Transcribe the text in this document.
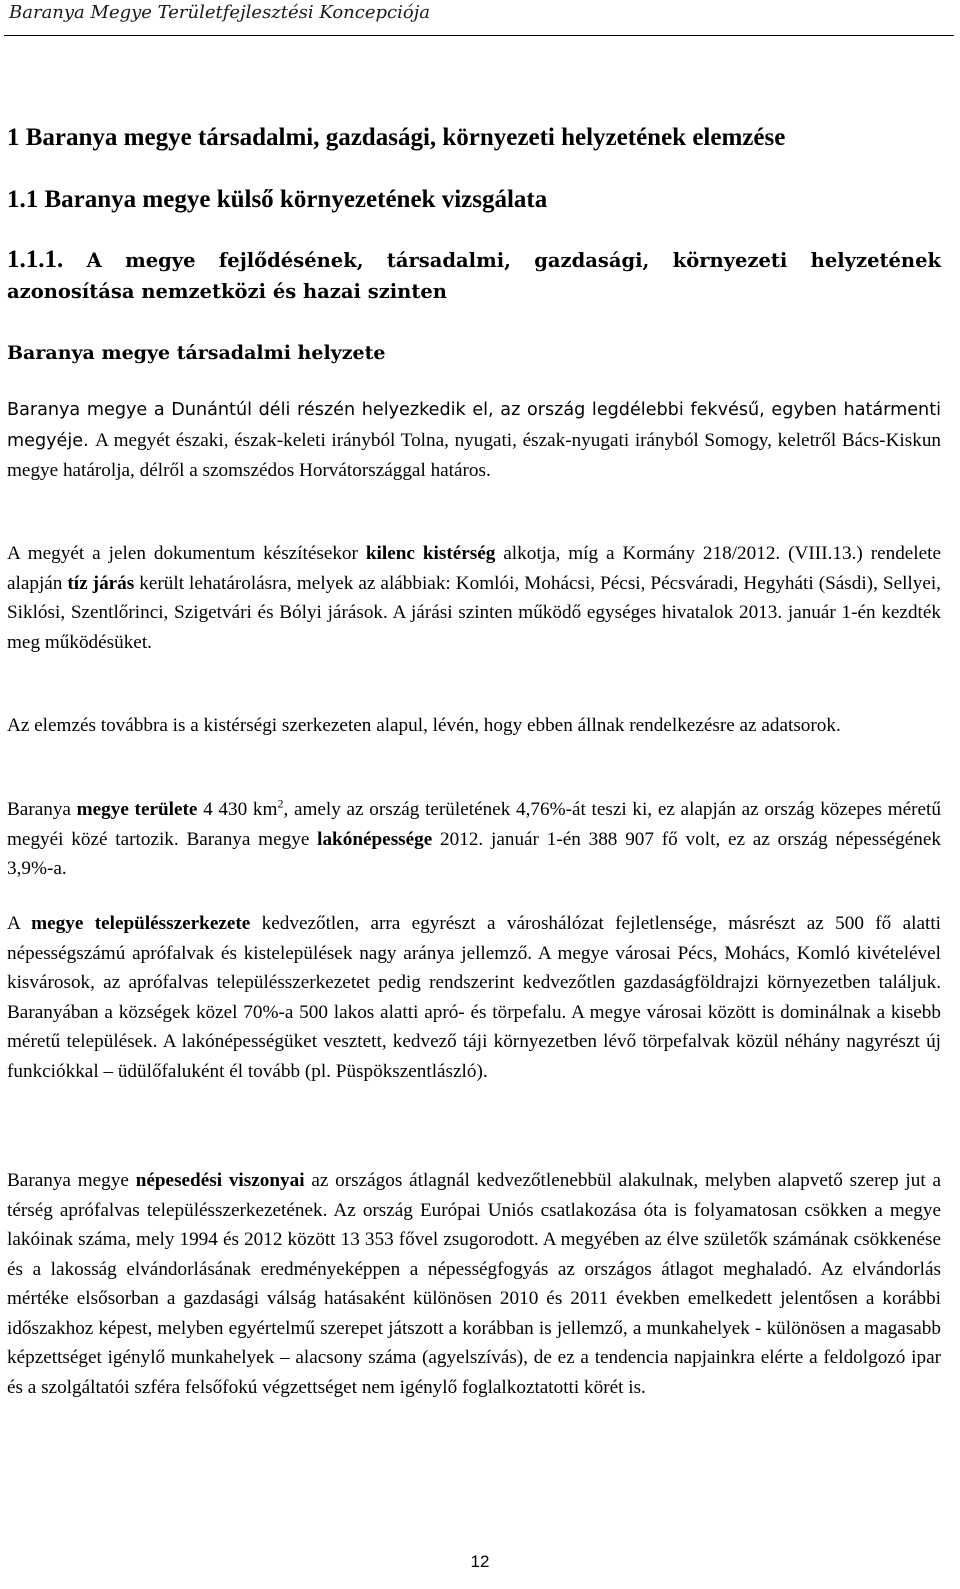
Baranya Megye Területfejlesztési Koncepciója
1 Baranya megye társadalmi, gazdasági, környezeti helyzetének elemzése
1.1 Baranya megye külső környezetének vizsgálata
1.1.1. A megye fejlődésének, társadalmi, gazdasági, környezeti helyzetének azonosítása nemzetközi és hazai szinten
Baranya megye társadalmi helyzete
Baranya megye a Dunántúl déli részén helyezkedik el, az ország legdélebbi fekvésű, egyben határmenti megyéje. A megyét északi, észak-keleti irányból Tolna, nyugati, észak-nyugati irányból Somogy, keletről Bács-Kiskun megye határolja, délről a szomszédos Horvátországgal határos.
A megyét a jelen dokumentum készítésekor kilenc kistérség alkotja, míg a Kormány 218/2012. (VIII.13.) rendelete alapján tíz járás került lehatárolásra, melyek az alábbiak: Komlói, Mohácsi, Pécsi, Pécsváradi, Hegyháti (Sásdi), Sellyei, Siklósi, Szentlőrinci, Szigetvári és Bólyi járások. A járási szinten működő egységes hivatalok 2013. január 1-én kezdték meg működésüket.
Az elemzés továbbra is a kistérségi szerkezeten alapul, lévén, hogy ebben állnak rendelkezésre az adatsorok.
Baranya megye területe 4 430 $km^2$, amely az ország területének 4,76%-át teszi ki, ez alapján az ország közepes méretű megyéi közé tartozik. Baranya megye lakónépessége 2012. január 1-én 388 907 fő volt, ez az ország népességének 3,9%-a.
A megye településszerkezete kedvezőtlen, arra egyrészt a városhálózat fejletlensége, másrészt az 500 fő alatti népességszámú aprófalvak és kistelepülések nagy aránya jellemző. A megye városai Pécs, Mohács, Komló kivételével kisvárosok, az aprófalvas településszerkezetet pedig rendszerint kedvezőtlen gazdaságföldrajzi környezetben találjuk. Baranyában a községek közel 70%-a 500 lakos alatti apró- és törpefalu. A megye városai között is dominálnak a kisebb méretű települések. A lakónépességüket vesztett, kedvező táji környezetben lévő törpefalvak közül néhány nagyrészt új funkciókkal – üdülőfaluként él tovább (pl. Püspökszentlászló).
Baranya megye népesedési viszonyai az országos átlagnál kedvezőtlenebbül alakulnak, melyben alapvető szerep jut a térség aprófalvas településszerkezetének. Az ország Európai Uniós csatlakozása óta is folyamatosan csökken a megye lakóinak száma, mely 1994 és 2012 között 13 353 fővel zsugorodott. A megyében az élve születők számának csökkenése és a lakosság elvándorlásának eredményeképpen a népességfogyás az országos átlagot meghaladó. Az elvándorlás mértéke elsősorban a gazdasági válság hatásaként különösen 2010 és 2011 években emelkedett jelentősen a korábbi időszakhoz képest, melyben egyértelmű szerepet játszott a korábban is jellemző, a munkahelyek - különösen a magasabb képzettséget igénylő munkahelyek – alacsony száma (agyelszívás), de ez a tendencia napjainkra elérte a feldolgozó ipar és a szolgáltatói szféra felsőfokú végzettséget nem igénylő foglalkoztatotti körét is.
12
